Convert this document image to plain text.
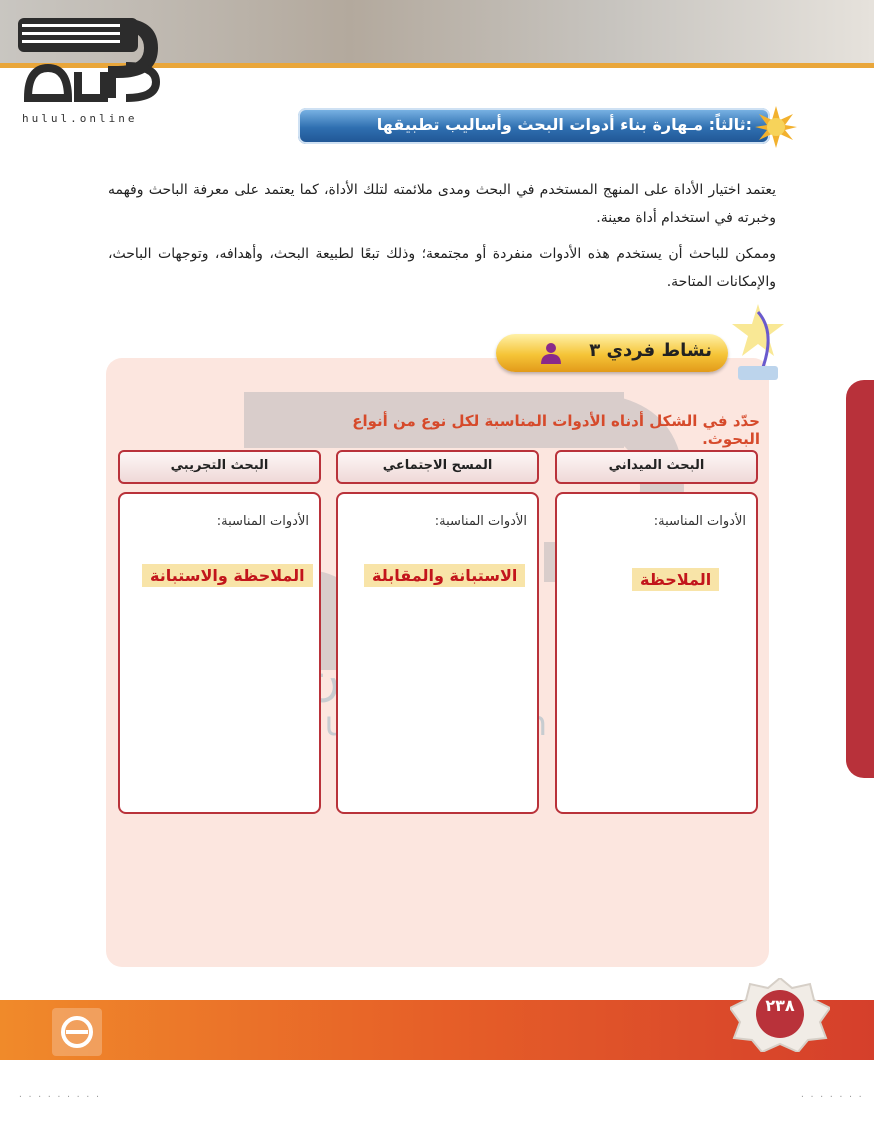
hulul.online	ثالثاً: مـهارة بناء أدوات البحث وأساليب تطبيقها:
يعتمد اختيار الأداة على المنهج المستخدم في البحث ومدى ملائمته لتلك الأداة، كما يعتمد على معرفة الباحث وفهمه وخبرته في استخدام أداة معينة.
وممكن للباحث أن يستخدم هذه الأدوات منفردة أو مجتمعة؛ وذلك تبعًا لطبيعة البحث، وأهدافه، وتوجهات الباحث، والإمكانات المتاحة.
نشاط فردي ٣
حدّد في الشكل أدناه الأدوات المناسبة لكل نوع من أنواع البحوث.
البحث الميداني
المسح الاجتماعي
البحث التجريبي
الأدوات المناسبة:
الأدوات المناسبة:
الأدوات المناسبة:
الملاحظة
الاستبانة والمقابلة
الملاحظة والاستبانة
٢٣٨
· · · · · · · · ·	· · · · · · ·
